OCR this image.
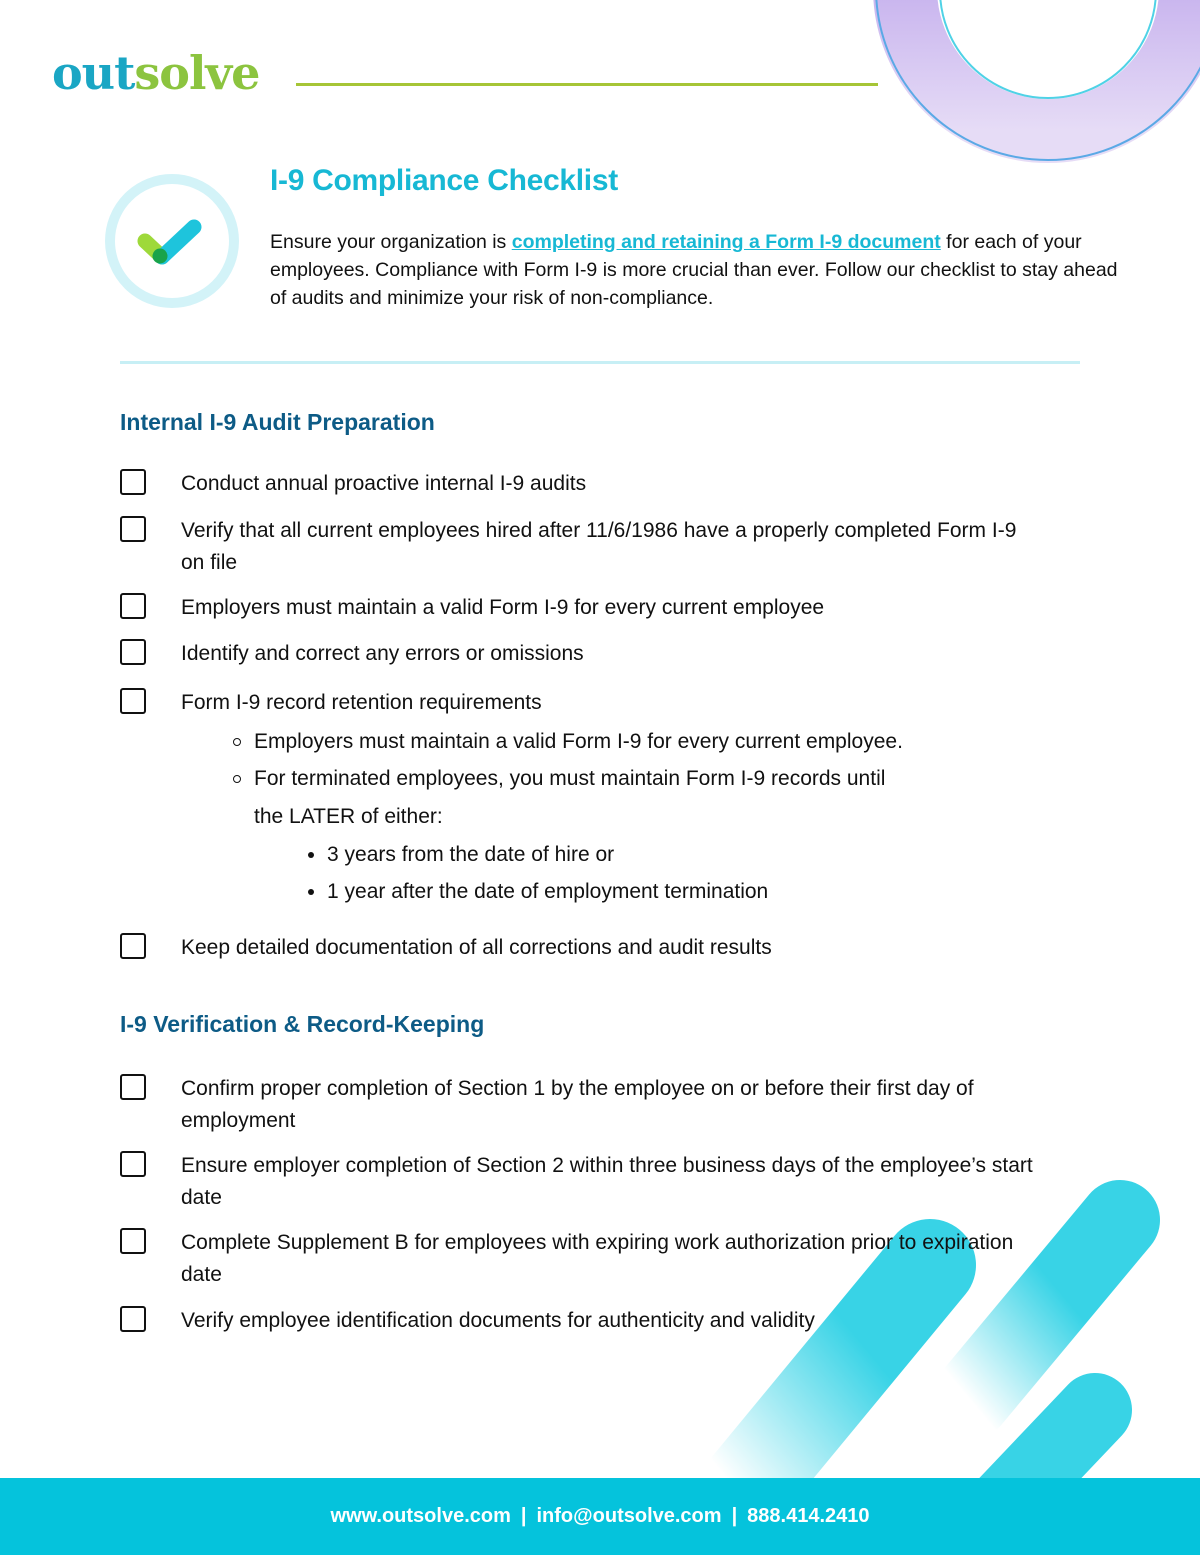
outsolve
I-9 Compliance Checklist

Ensure your organization is completing and retaining a Form I-9 document for each of your employees. Compliance with Form I-9 is more crucial than ever. Follow our checklist to stay ahead of audits and minimize your risk of non-compliance.

Internal I-9 Audit Preparation
Conduct annual proactive internal I-9 audits
Verify that all current employees hired after 11/6/1986 have a properly completed Form I-9 on file
Employers must maintain a valid Form I-9 for every current employee
Identify and correct any errors or omissions
Form I-9 record retention requirements
Employers must maintain a valid Form I-9 for every current employee.
For terminated employees, you must maintain Form I-9 records until
the LATER of either:
3 years from the date of hire or
1 year after the date of employment termination
Keep detailed documentation of all corrections and audit results
I-9 Verification & Record-Keeping
Confirm proper completion of Section 1 by the employee on or before their first day of employment
Ensure employer completion of Section 2 within three business days of the employee’s start date
Complete Supplement B for employees with expiring work authorization prior to expiration date
Verify employee identification documents for authenticity and validity
www.outsolve.com | info@outsolve.com | 888.414.2410
